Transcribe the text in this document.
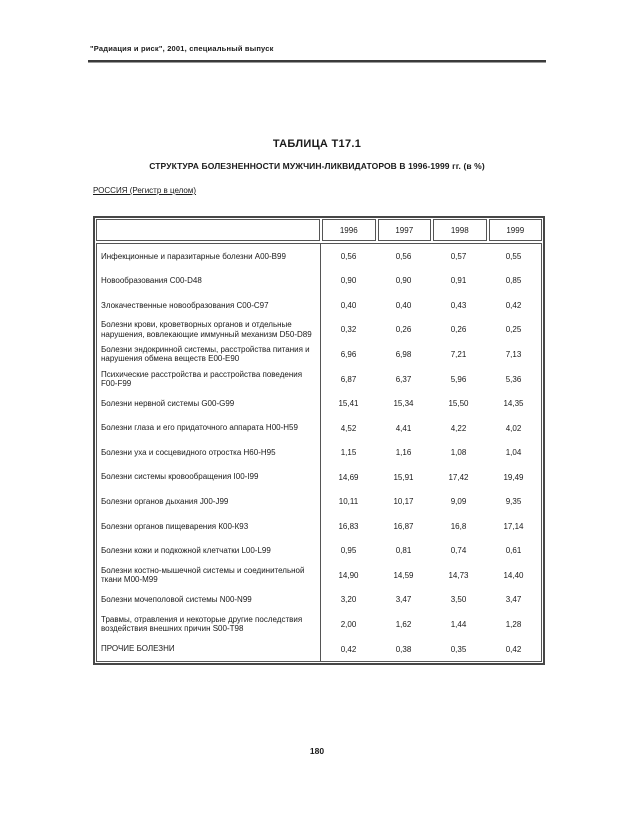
"Радиация и риск", 2001, специальный выпуск
ТАБЛИЦА Т17.1
СТРУКТУРА БОЛЕЗНЕННОСТИ МУЖЧИН-ЛИКВИДАТОРОВ В 1996-1999 гг. (в %)
РОССИЯ (Регистр в целом)
1996	1997	1998	1999
Инфекционные и паразитарные болезни А00-В99	0,56	0,56	0,57	0,55
Новообразования С00-D48	0,90	0,90	0,91	0,85
Злокачественные новообразования С00-С97	0,40	0,40	0,43	0,42
Болезни крови, кроветворных органов и отдельные нарушения, вовлекающие иммунный механизм D50-D89	0,32	0,26	0,26	0,25
Болезни эндокринной системы, расстройства питания и нарушения обмена веществ Е00-Е90	6,96	6,98	7,21	7,13
Психические расстройства и расстройства поведения F00-F99	6,87	6,37	5,96	5,36
Болезни нервной системы G00-G99	15,41	15,34	15,50	14,35
Болезни глаза и его придаточного аппарата Н00-Н59	4,52	4,41	4,22	4,02
Болезни уха и сосцевидного отростка Н60-Н95	1,15	1,16	1,08	1,04
Болезни системы кровообращения I00-I99	14,69	15,91	17,42	19,49
Болезни органов дыхания J00-J99	10,11	10,17	9,09	9,35
Болезни органов пищеварения К00-К93	16,83	16,87	16,8	17,14
Болезни кожи и подкожной клетчатки L00-L99	0,95	0,81	0,74	0,61
Болезни костно-мышечной системы и соединительной ткани М00-М99	14,90	14,59	14,73	14,40
Болезни мочеполовой системы N00-N99	3,20	3,47	3,50	3,47
Травмы, отравления и некоторые другие последствия воздействия внешних причин S00-Т98	2,00	1,62	1,44	1,28
ПРОЧИЕ БОЛЕЗНИ	0,42	0,38	0,35	0,42
180
